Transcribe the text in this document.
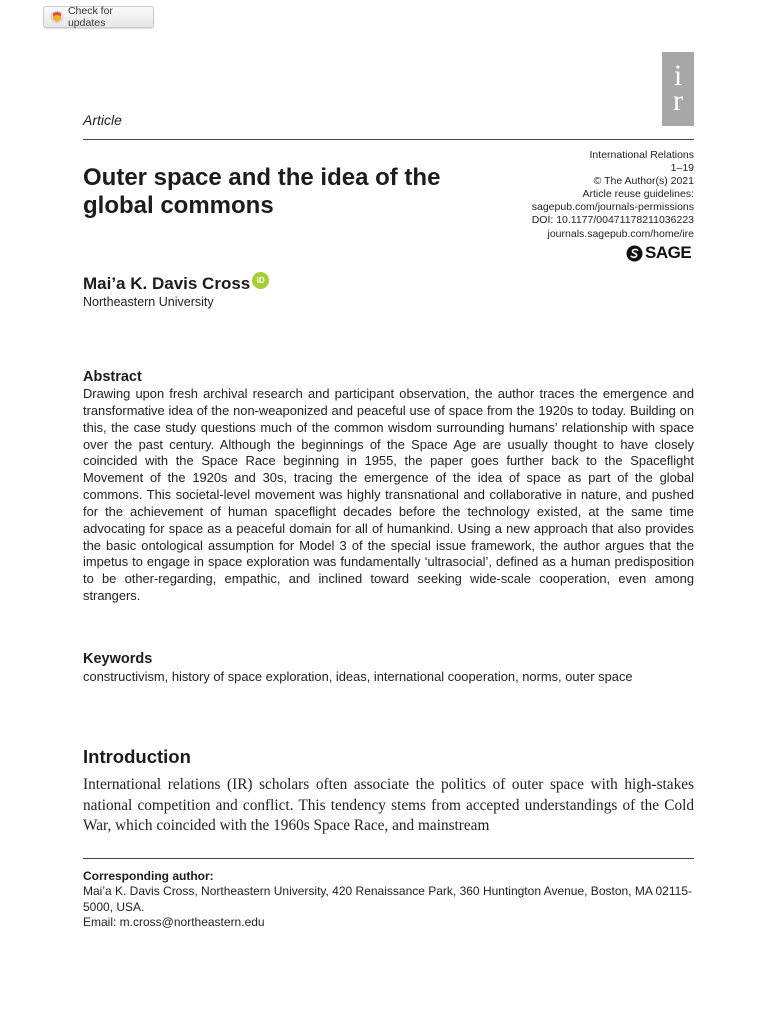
Check for updates
i
r
Article
Outer space and the idea of the global commons
International Relations
1–19
© The Author(s) 2021
Article reuse guidelines:
sagepub.com/journals-permissions
DOI: 10.1177/00471178211036223
journals.sagepub.com/home/ire
SAGE
Mai’a K. Davis Cross iD
Northeastern University
Abstract

Drawing upon fresh archival research and participant observation, the author traces the emergence and transformative idea of the non-weaponized and peaceful use of space from the 1920s to today. Building on this, the case study questions much of the common wisdom surrounding humans’ relationship with space over the past century. Although the beginnings of the Space Age are usually thought to have closely coincided with the Space Race beginning in 1955, the paper goes further back to the Spaceflight Movement of the 1920s and 30s, tracing the emergence of the idea of space as part of the global commons. This societal-level movement was highly transnational and collaborative in nature, and pushed for the achievement of human spaceflight decades before the technology existed, at the same time advocating for space as a peaceful domain for all of humankind. Using a new approach that also provides the basic ontological assumption for Model 3 of the special issue framework, the author argues that the impetus to engage in space exploration was fundamentally ‘ultrasocial’, defined as a human predisposition to be other-regarding, empathic, and inclined toward seeking wide-scale cooperation, even among strangers.

Keywords

constructivism, history of space exploration, ideas, international cooperation, norms, outer space

Introduction

International relations (IR) scholars often associate the politics of outer space with high-stakes national competition and conflict. This tendency stems from accepted understandings of the Cold War, which coincided with the 1960s Space Race, and mainstream

Corresponding author:
Mai’a K. Davis Cross, Northeastern University, 420 Renaissance Park, 360 Huntington Avenue, Boston, MA 02115-5000, USA.
Email: m.cross@northeastern.edu
